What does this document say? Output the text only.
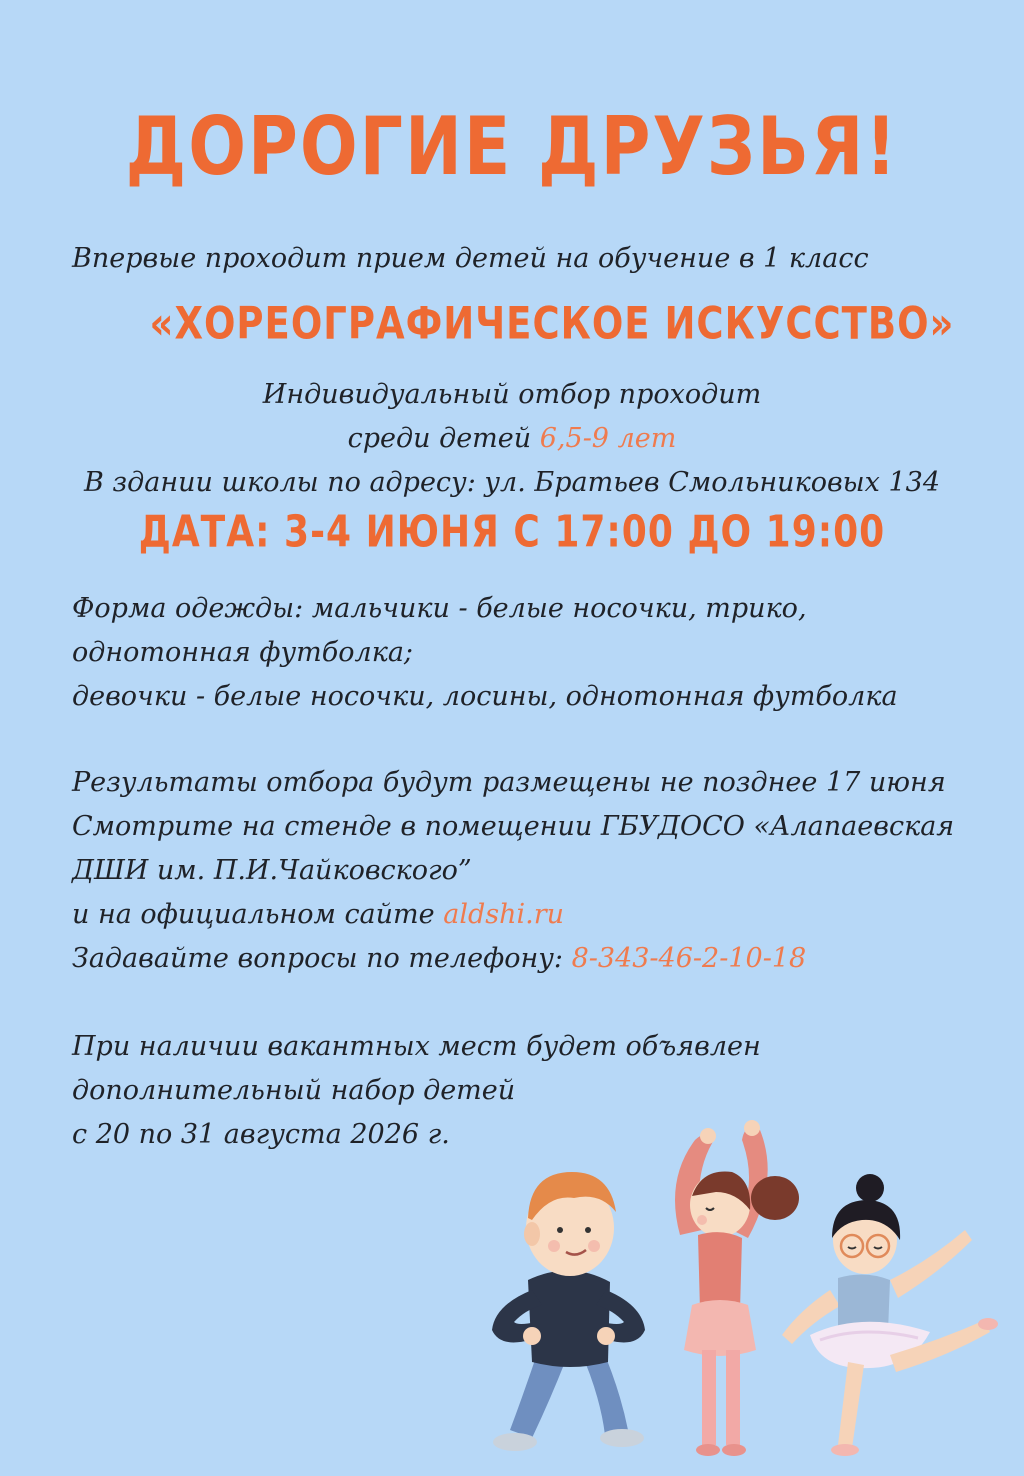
ДОРОГИЕ ДРУЗЬЯ!
Впервые проходит прием детей на обучение в 1 класс
«ХОРЕОГРАФИЧЕСКОЕ ИСКУССТВО»
Индивидуальный отбор проходит
среди детей 6,5-9 лет
В здании школы по адресу: ул. Братьев Смольниковых 134
ДАТА: 3-4 ИЮНЯ С 17:00 ДО 19:00
Форма одежды: мальчики - белые носочки, трико,
однотонная футболка;
девочки - белые носочки, лосины, однотонная футболка
Результаты отбора будут размещены не позднее 17 июня
Смотрите на стенде в помещении ГБУДОСО «Алапаевская
ДШИ им. П.И.Чайковского”
и на официальном сайте aldshi.ru
Задавайте вопросы по телефону: 8-343-46-2-10-18
При наличии вакантных мест будет объявлен
дополнительный набор детей
с 20 по 31 августа 2026 г.
